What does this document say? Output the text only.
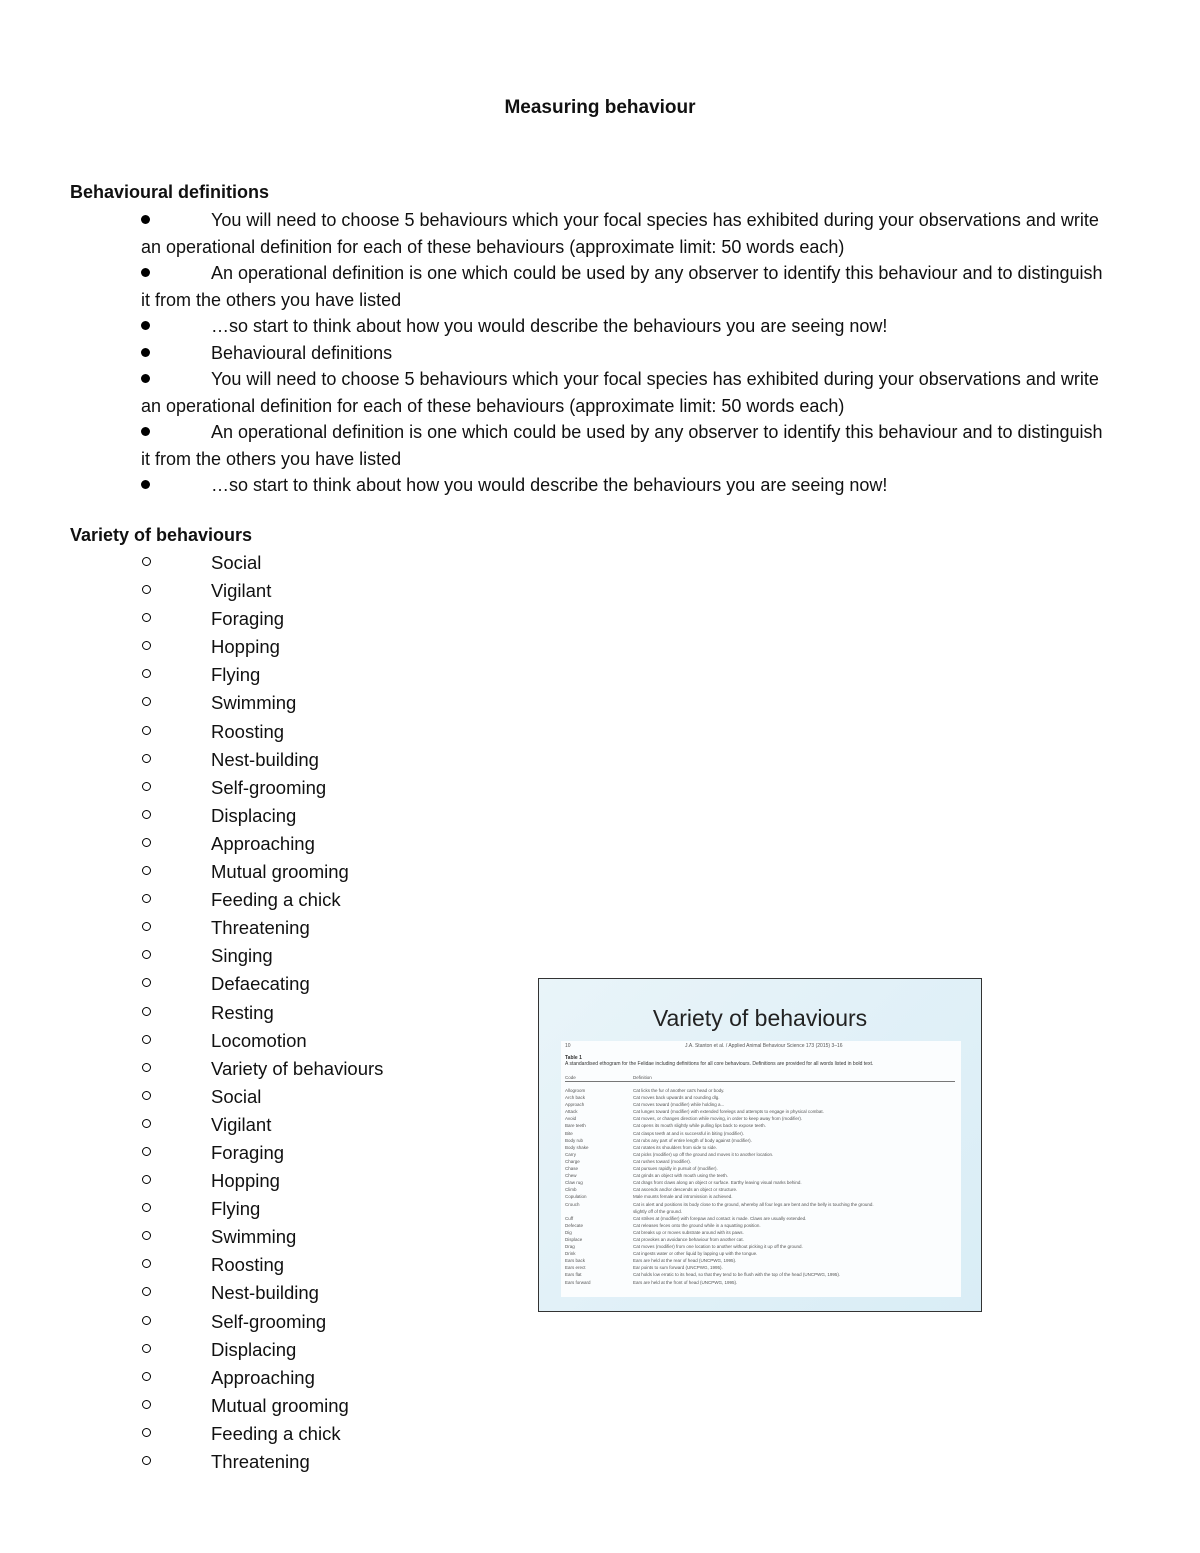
Measuring behaviour
Behavioural definitions
You will need to choose 5 behaviours which your focal species has exhibited during your observations and write an operational definition for each of these behaviours (approximate limit: 50 words each)
An operational definition is one which could be used by any observer to identify this behaviour and to distinguish it from the others you have listed
…so start to think about how you would describe the behaviours you are seeing now!
Behavioural definitions
You will need to choose 5 behaviours which your focal species has exhibited during your observations and write an operational definition for each of these behaviours (approximate limit: 50 words each)
An operational definition is one which could be used by any observer to identify this behaviour and to distinguish it from the others you have listed
…so start to think about how you would describe the behaviours you are seeing now!
Variety of behaviours
Social
Vigilant
Foraging
Hopping
Flying
Swimming
Roosting
Nest-building
Self-grooming
Displacing
Approaching
Mutual grooming
Feeding a chick
Threatening
Singing
Defaecating
Resting
Locomotion
Variety of behaviours
Social
Vigilant
Foraging
Hopping
Flying
Swimming
Roosting
Nest-building
Self-grooming
Displacing
Approaching
Mutual grooming
Feeding a chick
Threatening
Variety of behaviours
10	J.A. Stanton et al. / Applied Animal Behaviour Science 173 (2015) 3–16
Table 1
A standardised ethogram for the Felidae including definitions for all core behaviours. Definitions are provided for all words listed in bold text.
Code	Definition
Allogroom	Cat licks the fur of another cat's head or body.
Arch back	Cat moves back upwards and rounding dlg.
Approach	Cat moves toward (modifier) while holding a...
Attack	Cat lunges toward (modifier) with extended forelegs and attempts to engage in physical combat.
Avoid	Cat moves, or changes direction while moving, in order to keep away from (modifier).
Bare teeth	Cat opens its mouth slightly while pulling lips back to expose teeth.
Bite	Cat clasps teeth at and is successful in biting (modifier).
Body rub	Cat rubs any part of entire length of body against (modifier).
Body shake	Cat rotates its shoulders from side to side.
Carry	Cat picks (modifier) up off the ground and moves it to another location.
Charge	Cat rushes toward (modifier).
Chase	Cat pursues rapidly in pursuit of (modifier).
Chew	Cat grinds an object with mouth using the teeth.
Claw rug	Cat drags front claws along an object or surface. Earthy leaving visual marks behind.
Climb	Cat ascends and/or descends an object or structure.
Copulation	Male mounts female and intromission is achieved.
Crouch	Cat is alert and positions its body close to the ground, whereby all four legs are bent and the belly is touching the ground.
slightly off of the ground.
Cuff	Cat strikes at (modifier) with forepaw and contact is made. Claws are usually extended.
Defecate	Cat releases feces onto the ground while in a squatting position.
Dig	Cat breaks up or moves substrate around with its paws.
Displace	Cat provokes an avoidance behaviour from another cat.
Drag	Cat moves (modifier) from one location to another without picking it up off the ground.
Drink	Cat ingests water or other liquid by lapping up with the tongue.
Ears back	Ears are held at the rear of head (UNCPWG, 1995).
Ears erect	Ear points to sum forward (UNCPWG, 1995).
Ears flat	Cat holds low erratic to its head, so that they tend to be flush with the top of the head (UNCPWG, 1995).
Ears forward	Ears are held at the front of head (UNCPWG, 1995).
